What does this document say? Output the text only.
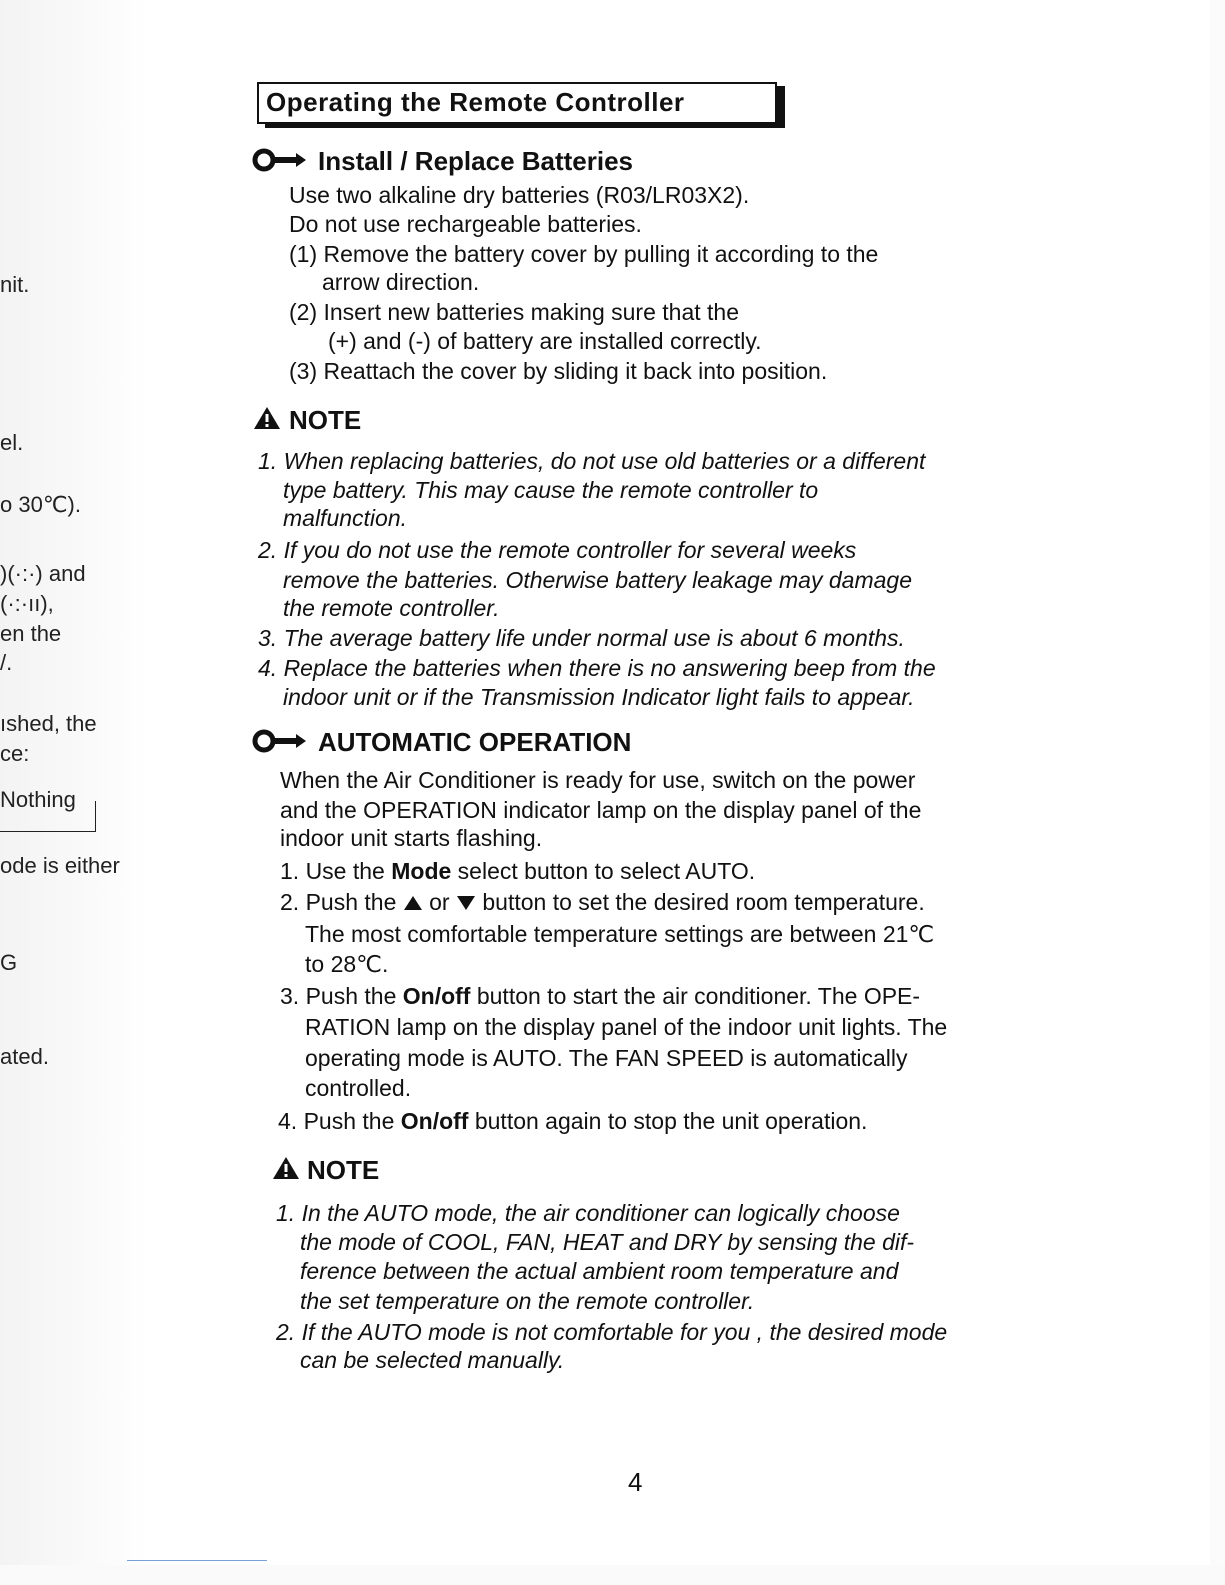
nit.
el.
o 30℃).
)(·:·) and
(·:·ıı),
en the
/.
ıshed, the
ce:
Nothing
ode is either
G
ated.
Operating the Remote Controller
Install / Replace Batteries
Use two alkaline dry batteries (R03/LR03X2).
Do not use rechargeable batteries.
(1) Remove the battery cover by pulling it according to the
arrow direction.
(2) Insert new batteries making sure that the
(+) and (-) of battery are installed correctly.
(3) Reattach the cover by sliding it back into position.
NOTE
1. When replacing batteries, do not use old batteries or a different
type battery. This may cause the remote controller to
malfunction.
2. If you do not use the remote controller for several weeks
remove the batteries. Otherwise battery leakage may damage
the remote controller.
3. The average battery life under normal use is about 6 months.
4. Replace the batteries when there is no answering beep from the
indoor unit or if the Transmission Indicator light fails to appear.
AUTOMATIC OPERATION
When the Air Conditioner is ready for use, switch on the power
and the OPERATION indicator lamp on the display panel of the
indoor unit starts flashing.
1. Use the Mode select button to select AUTO.
2. Push the or button to set the desired room temperature.
The most comfortable temperature settings are between 21℃
to 28℃.
3. Push the On/off button to start the air conditioner. The OPE-
RATION lamp on the display panel of the indoor unit lights. The
operating mode is AUTO. The FAN SPEED is automatically
controlled.
4. Push the On/off button again to stop the unit operation.
NOTE
1. In the AUTO mode, the air conditioner can logically choose
the mode of COOL, FAN, HEAT and DRY by sensing the dif-
ference between the actual ambient room temperature and
the set temperature on the remote controller.
2. If the AUTO mode is not comfortable for you , the desired mode
can be selected manually.
4
